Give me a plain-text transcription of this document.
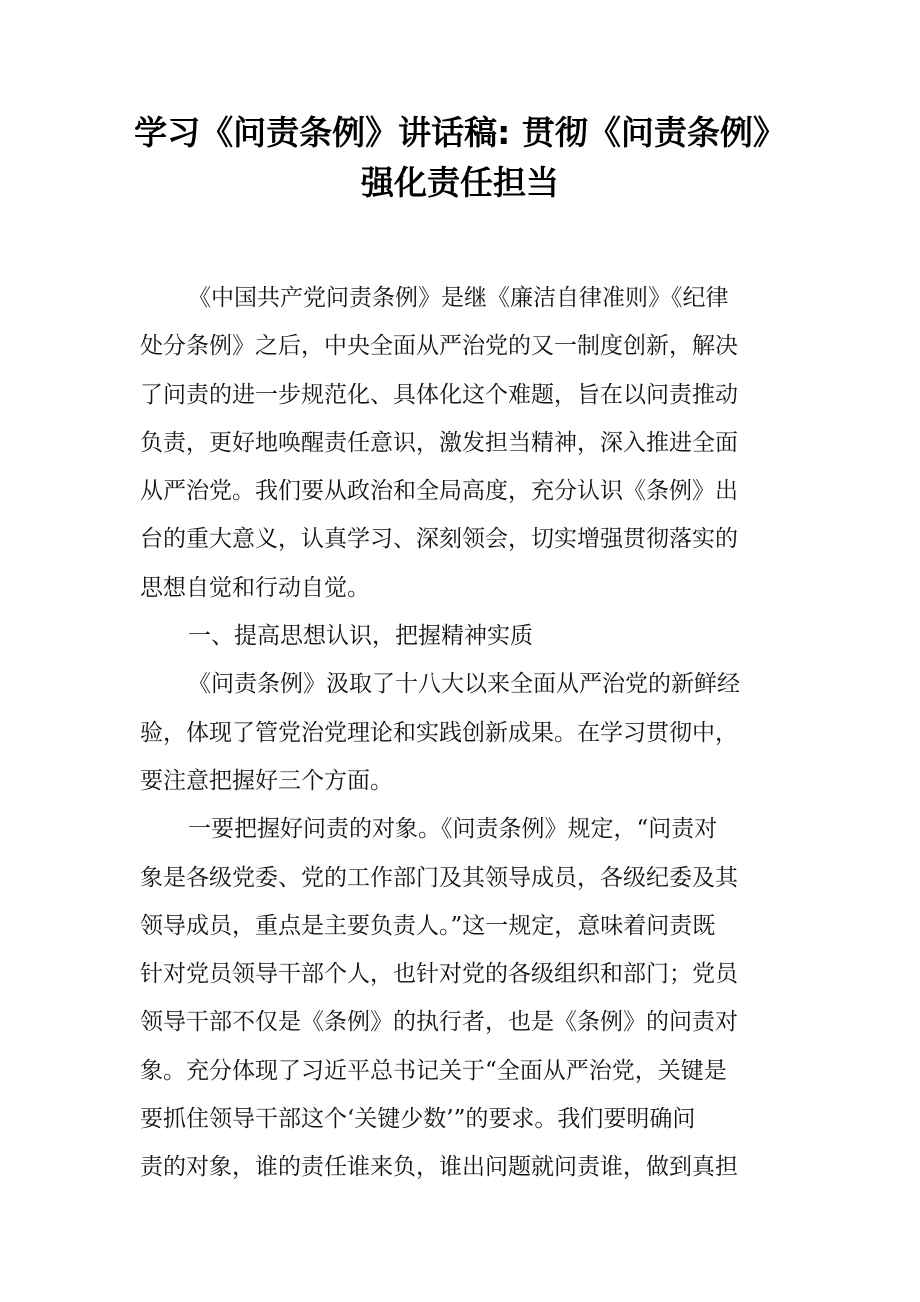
学习《问责条例》讲话稿: 贯彻《问责条例》
强化责任担当
《中国共产党问责条例》是继《廉洁自律准则》《纪律
处分条例》之后，中央全面从严治党的又一制度创新，解决
了问责的进一步规范化、具体化这个难题，旨在以问责推动
负责，更好地唤醒责任意识，激发担当精神，深入推进全面
从严治党。我们要从政治和全局高度，充分认识《条例》出
台的重大意义，认真学习、深刻领会，切实增强贯彻落实的
思想自觉和行动自觉。
一、提高思想认识，把握精神实质
《问责条例》汲取了十八大以来全面从严治党的新鲜经
验，体现了管党治党理论和实践创新成果。在学习贯彻中，
要注意把握好三个方面。
一要把握好问责的对象。《问责条例》规定，“问责对
象是各级党委、党的工作部门及其领导成员，各级纪委及其
领导成员，重点是主要负责人。”这一规定，意味着问责既
针对党员领导干部个人，也针对党的各级组织和部门；党员
领导干部不仅是《条例》的执行者，也是《条例》的问责对
象。充分体现了习近平总书记关于“全面从严治党，关键是
要抓住领导干部这个‘关键少数’”的要求。我们要明确问
责的对象，谁的责任谁来负，谁出问题就问责谁，做到真担
